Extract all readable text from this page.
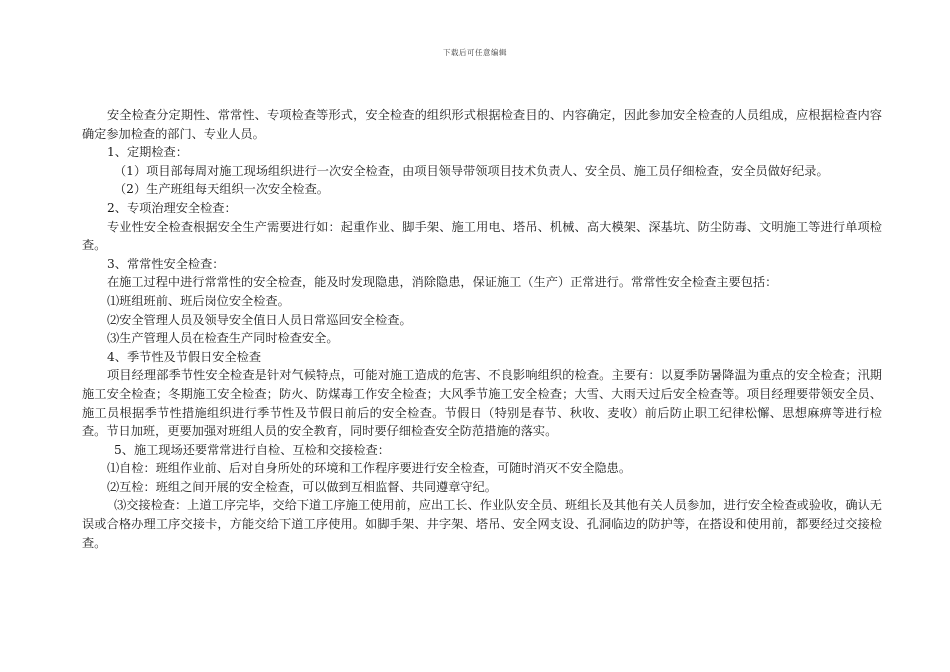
下载后可任意编辑

安全检查分定期性、常常性、专项检查等形式，安全检查的组织形式根据检查目的、内容确定，因此参加安全检查的人员组成，应根据检查内容确定参加检查的部门、专业人员。

1、定期检查：

（1）项目部每周对施工现场组织进行一次安全检查，由项目领导带领项目技术负责人、安全员、施工员仔细检查，安全员做好纪录。

（2）生产班组每天组织一次安全检查。

2、专项治理安全检查：

专业性安全检查根据安全生产需要进行如：起重作业、脚手架、施工用电、塔吊、机械、高大模架、深基坑、防尘防毒、文明施工等进行单项检查。

3、常常性安全检查：

在施工过程中进行常常性的安全检查，能及时发现隐患，消除隐患，保证施工（生产）正常进行。常常性安全检查主要包括：

⑴班组班前、班后岗位安全检查。

⑵安全管理人员及领导安全值日人员日常巡回安全检查。

⑶生产管理人员在检查生产同时检查安全。

4、季节性及节假日安全检查

项目经理部季节性安全检查是针对气候特点，可能对施工造成的危害、不良影响组织的检查。主要有：以夏季防暑降温为重点的安全检查；汛期施工安全检查；冬期施工安全检查；防火、防煤毒工作安全检查；大风季节施工安全检查；大雪、大雨天过后安全检查等。项目经理要带领安全员、施工员根据季节性措施组织进行季节性及节假日前后的安全检查。节假日（特别是春节、秋收、麦收）前后防止职工纪律松懈、思想麻痹等进行检查。节日加班，更要加强对班组人员的安全教育，同时要仔细检查安全防范措施的落实。

5、施工现场还要常常进行自检、互检和交接检查：

⑴自检：班组作业前、后对自身所处的环境和工作程序要进行安全检查，可随时消灭不安全隐患。

⑵互检：班组之间开展的安全检查，可以做到互相监督、共同遵章守纪。

⑶交接检查：上道工序完毕，交给下道工序施工使用前，应出工长、作业队安全员、班组长及其他有关人员参加，进行安全检查或验收，确认无误或合格办理工序交接卡，方能交给下道工序使用。如脚手架、井字架、塔吊、安全网支设、孔洞临边的防护等，在搭设和使用前，都要经过交接检查。
